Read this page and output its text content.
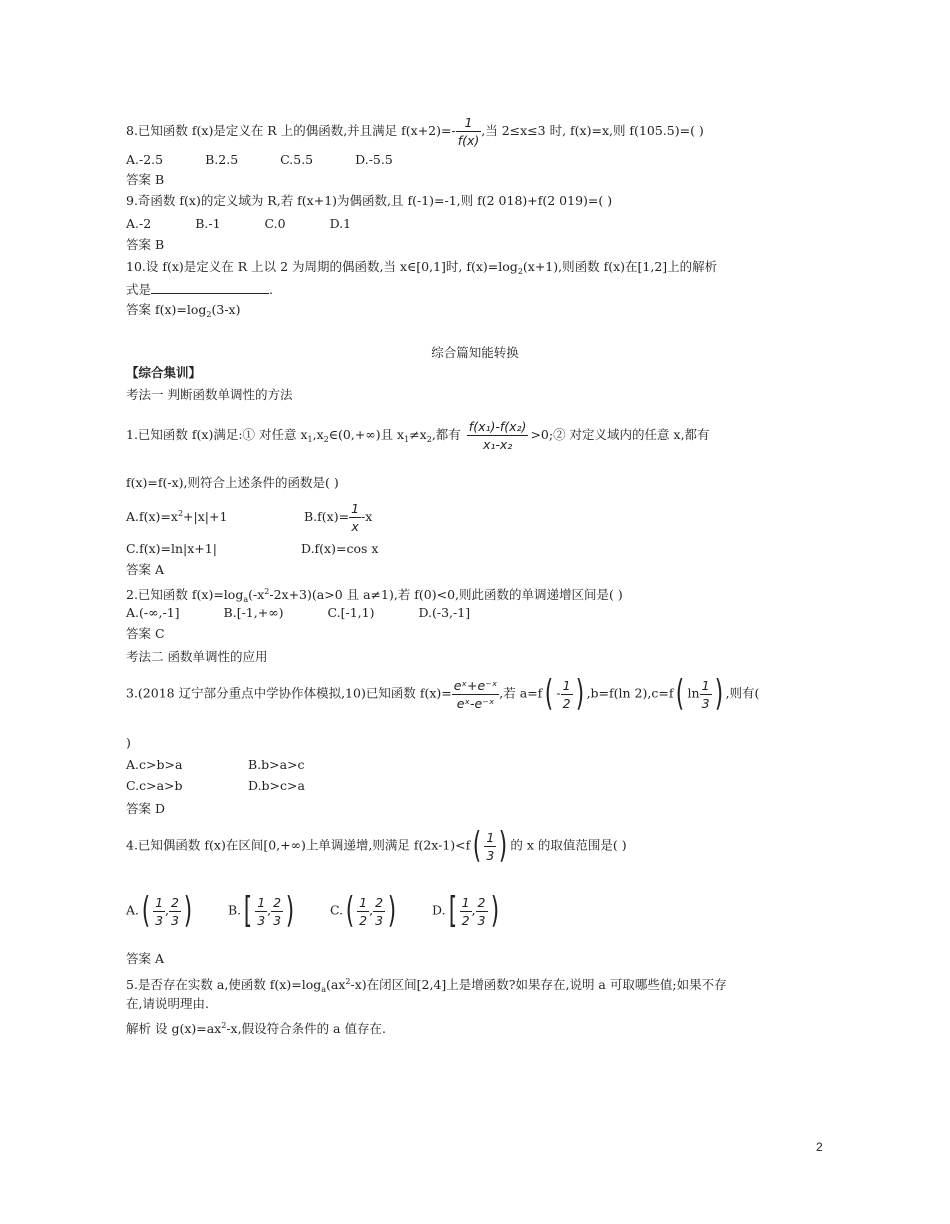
8.已知函数 f(x)是定义在 R 上的偶函数,并且满足 $f(x+2)=- \frac{1}{f(x)}$ ,当 2≤x≤3 时, f(x)=x,则 f(105.5)=( )
A.-2.5	B.2.5	C.5.5	D.-5.5
答案 B
9.奇函数 f(x)的定义域为 R,若 f(x+1)为偶函数,且 f(-1)=-1,则 f(2 018)+f(2 019)=( )
A.-2	B.-1	C.0	D.1
答案 B
10.设 f(x)是定义在 R 上以 2 为周期的偶函数,当 x∈[0,1]时, $f(x)=\log_2(x+1)$,则函数 f(x)在[1,2]上的解析
式是	.
答案 $f(x)=\log_2(3-x)$
综合篇知能转换
【综合集训】
考法一 判断函数单调性的方法
1.已知函数 f(x)满足:① 对任意 $x_1,x_2\in(0,+\infty)$且 $x_1\ne x_2$,都有 $\frac{\text{f(x₁)-f(x₂)}}{\text{x₁-x₂}}$ >0;② 对定义域内的任意 x,都有
f(x)=f(-x),则符合上述条件的函数是( )
$A.f(x)=x^2+|x|+1$	$B.f(x)= \frac{1}{x} -x$
C.f(x)=ln|x+1|	D.f(x)=cos x
答案 A
2.已知函数 $f(x)=\log_a(-x^2-2x+3)(a>0$ 且 a≠1),若 f(0)<0,则此函数的单调递增区间是( )
A.(-∞,-1]	B.[-1,+∞)	C.[-1,1)	D.(-3,-1]
答案 C
考法二 函数单调性的应用
3.(2018 辽宁部分重点中学协作体模拟,10)已知函数 $f(x)= \frac{\text{eˣ+e⁻ˣ}}{\text{eˣ-e⁻ˣ}}$ ,若 $a=f( - \frac{1}{2}$ ) ,b=f(ln 2),c=f( $\ln \frac{1}{3}$ ) ,则有(
)
A.c>b>a	B.b>a>c
C.c>a>b	D.b>c>a
答案 D
4.已知偶函数 f(x)在区间[0,+∞)上单调递增,则满足 $f(2x-1)<f( \frac{1}{3}$ ) 的 x 的取值范围是( )
$A.( \frac{1}{3}$ , $\frac{2}{3}$ )	$B.[ \frac{1}{3}$ , $\frac{2}{3}$ )	$C.( \frac{1}{2}$ , $\frac{2}{3}$ )	$D.[ \frac{1}{2}$ , $\frac{2}{3}$ )
答案 A
5.是否存在实数 a,使函数 $f(x)=\log_a(ax^2-x)$在闭区间[2,4]上是增函数?如果存在,说明 a 可取哪些值;如果不存
在,请说明理由.
解析 设 $g(x)=ax^2-x$,假设符合条件的 a 值存在.
2
